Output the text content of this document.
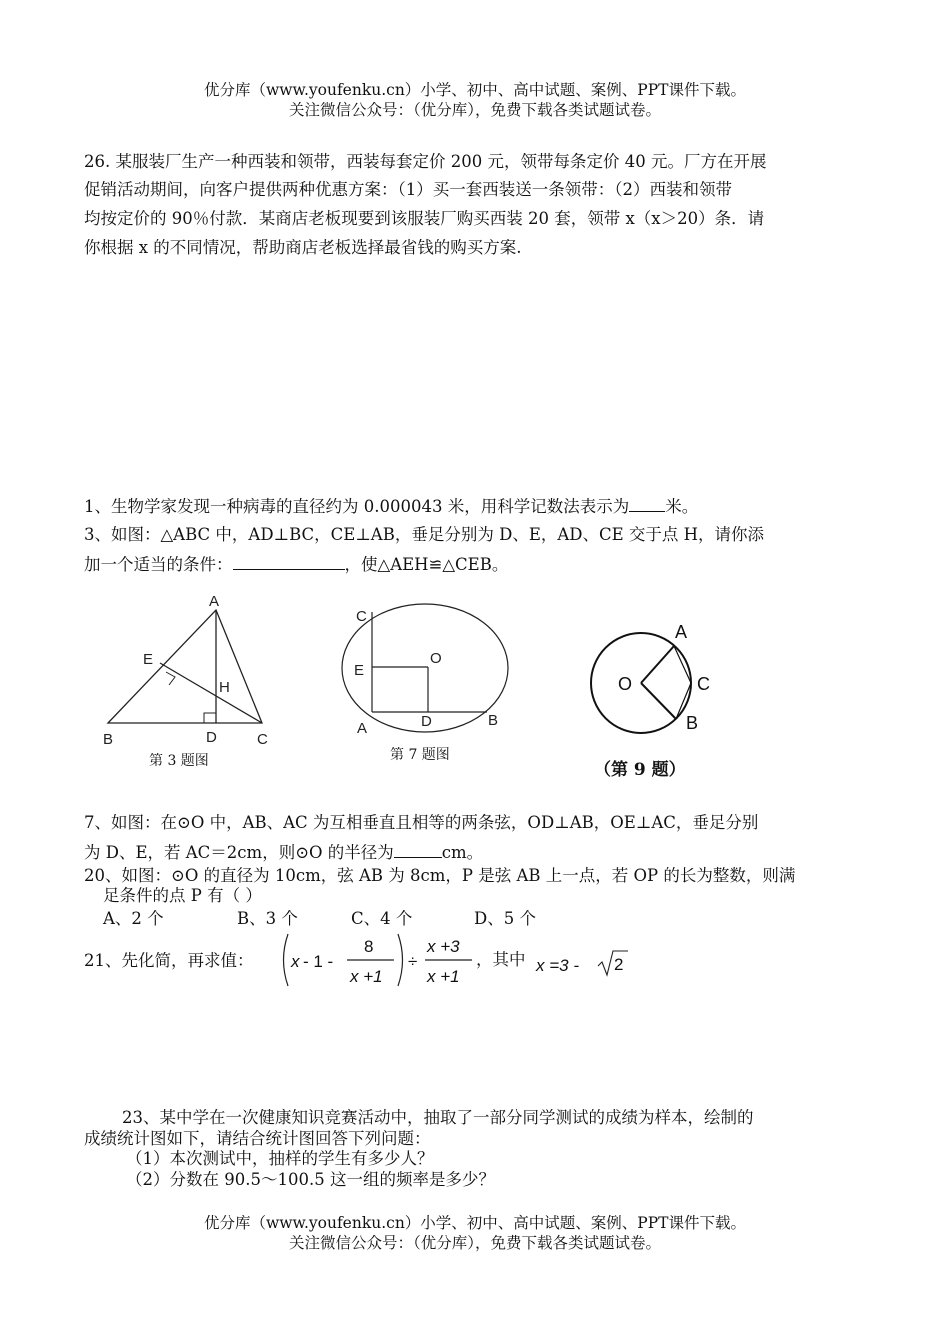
优分库（www.youfenku.cn）小学、初中、高中试题、案例、PPT课件下载。
关注微信公众号：（优分库），免费下载各类试题试卷。
26. 某服装厂生产一种西装和领带，西装每套定价 200 元，领带每条定价 40 元。厂方在开展
促销活动期间，向客户提供两种优惠方案：（1）买一套西装送一条领带：（2）西装和领带
均按定价的 90％付款．某商店老板现要到该服装厂购买西装 20 套，领带 x（x＞20）条．请
你根据 x 的不同情况，帮助商店老板选择最省钱的购买方案.
1、生物学家发现一种病毒的直径约为 0.000043 米，用科学记数法表示为 米。
3、如图：△ABC 中，AD⊥BC，CE⊥AB，垂足分别为 D、E，AD、CE 交于点 H，请你添
加一个适当的条件：	，使△AEH≌△CEB。
A
B	C
D
E
H
第 3 题图
C
E
O
A	D	B
第 7 题图
A
O	C
B
（第 9 题）
7、如图：在⊙O 中，AB、AC 为互相垂直且相等的两条弦，OD⊥AB，OE⊥AC，垂足分别
为 D、E，若 AC＝2cm，则⊙O 的半径为	cm。
20、如图：⊙O 的直径为 10cm，弦 AB 为 8cm，P 是弦 AB 上一点，若 OP 的长为整数，则满
足条件的点 P 有（ ）
A、2 个	B、3 个	C、4 个	D、5 个
21、先化简，再求值： x - 1 -
8
x +1
÷
x +3
x +1
，其中 x =3 - 2
23、某中学在一次健康知识竞赛活动中，抽取了一部分同学测试的成绩为样本，绘制的
成绩统计图如下，请结合统计图回答下列问题：
（1）本次测试中，抽样的学生有多少人？
（2）分数在 90.5～100.5 这一组的频率是多少？
优分库（www.youfenku.cn）小学、初中、高中试题、案例、PPT课件下载。
关注微信公众号：（优分库），免费下载各类试题试卷。
